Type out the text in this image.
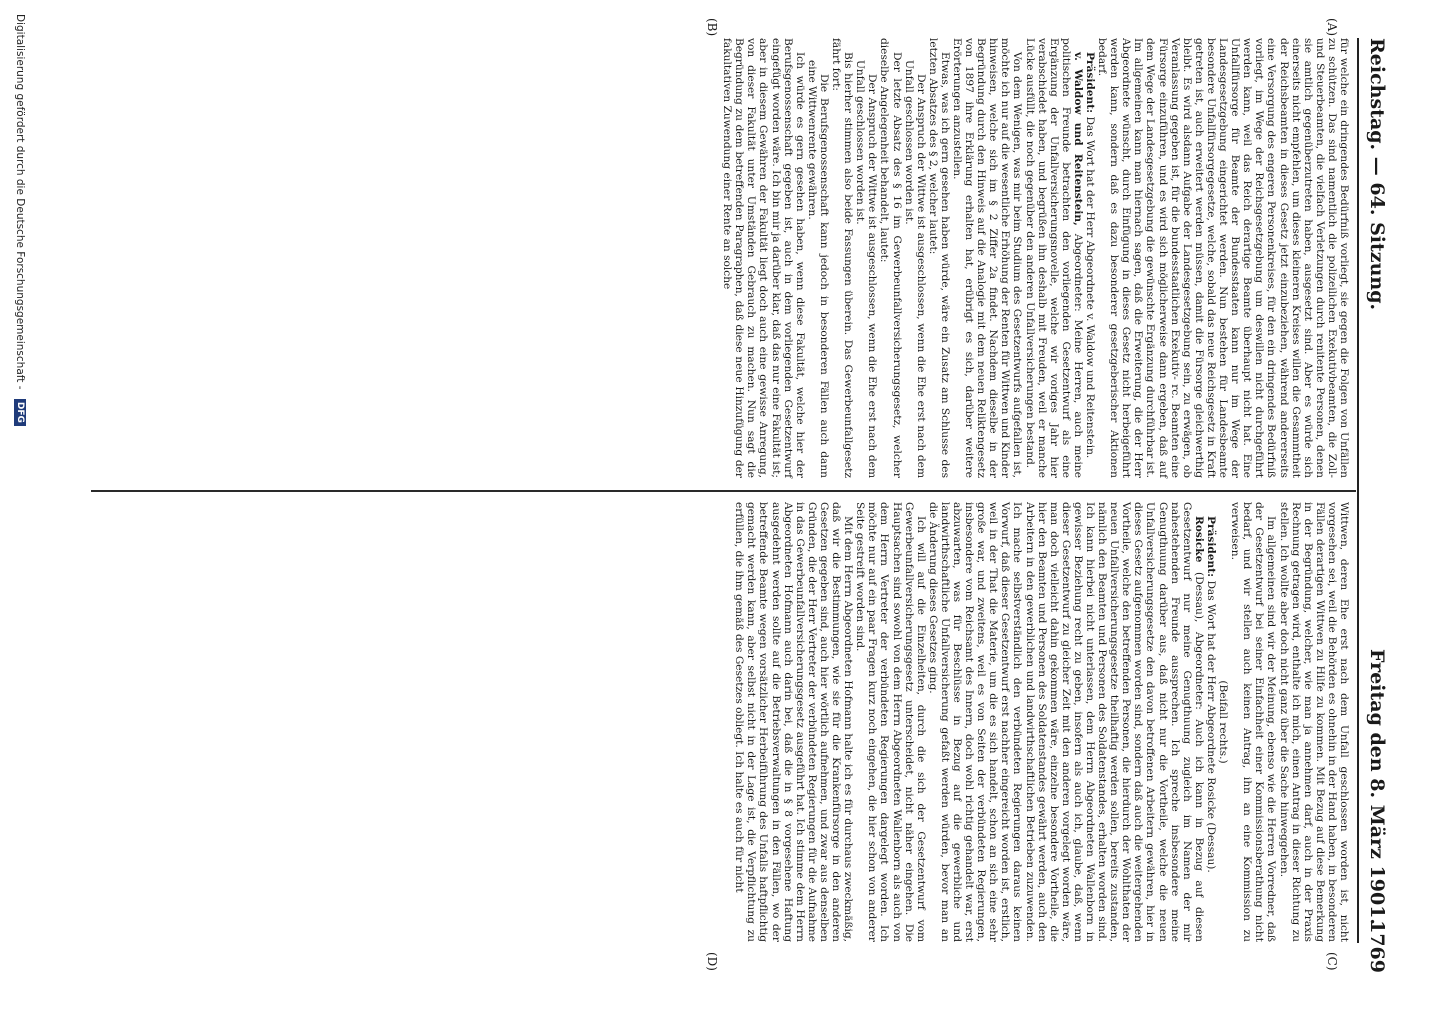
Reichstag. — 64. Sitzung.
Freitag den 8. März 1901.
1769
(A)
(B)
(C)
(D)

für welche ein dringendes Bedürfniß vorliegt, sie gegen die Folgen von Unfällen zu schützen. Das sind namentlich die polizeilichen Exekutivbeamten, die Zoll- und Steuerbeamten, die vielfach Verletzungen durch renitente Personen, denen sie amtlich gegenüberzutreten haben, ausgesetzt sind. Aber es würde sich einerseits nicht empfehlen, um dieses kleineren Kreises willen die Gesammtheit der Reichsbeamten in dieses Gesetz jetzt einzubeziehen, während andererseits eine Versorgung des engeren Personenkreises, für den ein dringendes Bedürfniß vorliegt, im Wege der Reichsgesetzgebung um deswillen nicht durchgeführt werden kann, weil das Reich derartige Beamte überhaupt nicht hat. Eine Unfallfürsorge für Beamte der Bundesstaaten kann nur im Wege der Landesgesetzgebung eingerichtet werden. Nun bestehen für Landesbeamte besondere Unfallfürsorgegesetze, welche, sobald das neue Reichsgesetz in Kraft getreten ist, auch erweitert werden müssen, damit die Fürsorge gleichwerthig bleibt. Es wird alsdann Aufgabe der Landesgesetzgebung sein, zu erwägen, ob Veranlassung gegeben ist, für die bundesstaatlichen Exekutiv- rc. Beamten eine Fürsorge einzuführen, und es wird sich möglicherweise dann ergeben, daß auf dem Wege der Landesgesetzgebung die gewünschte Ergänzung durchführbar ist. Im allgemeinen kann man hiernach sagen, daß die Erweiterung, die der Herr Abgeordnete wünscht, durch Einfügung in dieses Gesetz nicht herbeigeführt werden kann, sondern daß es dazu besonderer gesetzgeberischer Aktionen bedarf.

Präsident: Das Wort hat der Herr Abgeordnete v. Waldow und Reitenstein.

v. Waldow und Reitenstein, Abgeordneter: Meine Herren, auch meine politischen Freunde betrachten den vorliegenden Gesetzentwurf als eine Ergänzung der Unfallversicherungsnovelle, welche wir voriges Jahr hier verabschiedet haben, und begrüßen ihn deshalb mit Freuden, weil er manche Lücke ausfüllt, die noch gegenüber den anderen Unfallversicherungen bestand.

Von dem Wenigen, was mir beim Studium des Gesetzentwurfs aufgefallen ist, möchte ich nur auf die wesentliche Erhöhung der Renten für Wittwen und Kinder hinweisen, welche sich im § 2 Ziffer 2a findet. Nachdem dieselbe in der Begründung durch den Hinweis auf die Analogie mit dem neuen Reliktengesetz von 1897 ihre Erklärung erhalten hat, erübrigt es sich, darüber weitere Erörterungen anzustellen.

Etwas, was ich gern gesehen haben würde, wäre ein Zusatz am Schlusse des letzten Absatzes des § 2, welcher lautet:

Der Anspruch der Wittwe ist ausgeschlossen, wenn die Ehe erst nach dem Unfall geschlossen worden ist.

Der letzte Absatz des § 16 im Gewerbeunfallversicherungsgesetz, welcher dieselbe Angelegenheit behandelt, lautet:

Der Anspruch der Wittwe ist ausgeschlossen, wenn die Ehe erst nach dem Unfall geschlossen worden ist.

Bis hierher stimmen also beide Fassungen überein. Das Gewerbeunfallgesetz fährt fort:

Die Berufsgenossenschaft kann jedoch in besonderen Fällen auch dann eine Wittwenrente gewähren.

Ich würde es gern gesehen haben, wenn diese Fakultät, welche hier der Berufsgenossenschaft gegeben ist, auch in dem vorliegenden Gesetzentwurf eingefügt worden wäre. Ich bin mir ja darüber klar, daß das nur eine Fakultät ist; aber in diesem Gewähren der Fakultät liegt doch auch eine gewisse Anregung, von dieser Fakultät unter Umständen Gebrauch zu machen. Nun sagt die Begründung zu dem betreffenden Paragraphen, daß diese neue Hinzufügung der fakultativen Zuwendung einer Rente an solche

Wittwen, deren Ehe erst nach dem Unfall geschlossen worden ist, nicht vorgesehen sei, weil die Behörden es ohnehin in der Hand haben, in besonderen Fällen derartigen Wittwen zu Hilfe zu kommen. Mit Bezug auf diese Bemerkung in der Begründung, welcher, wie man ja annehmen darf, auch in der Praxis Rechnung getragen wird, enthalte ich mich, einen Antrag in dieser Richtung zu stellen. Ich wollte aber doch nicht ganz über die Sache hinweggehen.

Im allgemeinen sind wir der Meinung, ebenso wie die Herren Vorredner, daß der Gesetzentwurf bei seiner Einfachheit einer Kommissionsberathung nicht bedarf, und wir stellen auch keinen Antrag, ihn an eine Kommission zu verweisen.

(Beifall rechts.)

Präsident: Das Wort hat der Herr Abgeordnete Rosicke (Dessau).

Rosicke (Dessau), Abgeordneter: Auch ich kann in Bezug auf diesen Gesetzentwurf nur meine Genugthuung zugleich im Namen der mir nahestehenden Freunde aussprechen. Ich spreche insbesondere meine Genugthuung darüber aus, daß nicht nur die Vortheile, welche die neuen Unfallversicherungsgesetze den davon betroffenen Arbeitern gewähren, hier in dieses Gesetz aufgenommen worden sind, sondern daß auch die weitergehenden Vortheile, welche den betreffenden Personen, die hierdurch der Wohlthaten der neuen Unfallversicherungsgesetze theilhaftig werden sollen, bereits zustanden, nämlich den Beamten und Personen des Soldatenstandes, erhalten worden sind. Ich kann hierbei nicht unterlassen, dem Herrn Abgeordneten Wallenborn in gewisser Beziehung recht zu geben, insofern als auch ich, glaube, daß, wenn dieser Gesetzentwurf zu gleicher Zeit mit den anderen vorgelegt worden wäre, man doch vielleicht dahin gekommen wäre, einzelne besondere Vortheile, die hier den Beamten und Personen des Soldatenstandes gewährt werden, auch den Arbeitern in den gewerblichen und landwirthschaftlichen Betrieben zuzuwenden. Ich mache selbstverständlich den verbündeten Regierungen daraus keinen Vorwurf, daß dieser Gesetzentwurf erst nachher eingereicht worden ist, erstlich, weil in der That die Materie, um die es sich handelt, schon an sich eine sehr große war, und zweitens, weil es von Seiten der verbündeten Regierungen, insbesondere vom Reichsamt des Innern, doch wohl richtig gehandelt war, erst abzuwarten, was für Beschlüsse in Bezug auf die gewerbliche und landwirthschaftliche Unfallversicherung gefaßt werden würden, bevor man an die Änderung dieses Gesetzes ging.

Ich will auf die Einzelheiten, durch die sich der Gesetzentwurf vom Gewerbeunfallversicherungsgesetz unterscheidet, nicht näher eingehen. Die Hauptsachen sind sowohl von dem Herrn Abgeordneten Wallenborn als auch von dem Herrn Vertreter der verbündeten Regierungen dargelegt worden. Ich möchte nur auf ein paar Fragen kurz noch eingehen, die hier schon von anderer Seite gestreift worden sind.

Mit dem Herrn Abgeordneten Hofmann halte ich es für durchaus zweckmäßig, daß wir die Bestimmungen, wie sie für die Krankenfürsorge in den anderen Gesetzen gegeben sind, auch hier wörtlich aufnehmen, und zwar aus denselben Gründen, die der Herr Vertreter der verbündeten Regierungen für die Aufnahme in das Gewerbeunfallversicherungsgesetz ausgeführt hat. Ich stimme dem Herrn Abgeordneten Hofmann auch darin bei, daß die in § 8 vorgesehene Haftung ausgedehnt werden sollte auf die Betriebsverwaltungen in den Fällen, wo der betreffende Beamte wegen vorsätzlicher Herbeiführung des Unfalls haftpflichtig gemacht werden kann, aber selbst nicht in der Lage ist, die Verpflichtung zu erfüllen, die ihm gemäß des Gesetzes obliegt. Ich halte es auch für nicht

Digitalisierung gefördert durch die Deutsche Forschungsgemeinschaft - DFG
